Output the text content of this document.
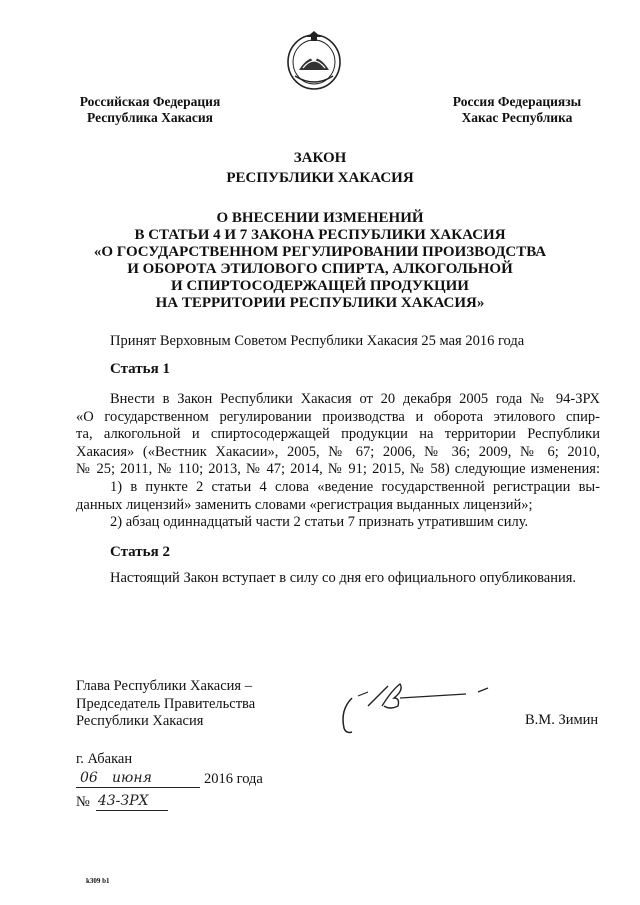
Российская Федерация
Республика Хакасия
Россия Федерациязы
Хакас Республика
ЗАКОН
РЕСПУБЛИКИ ХАКАСИЯ
О ВНЕСЕНИИ ИЗМЕНЕНИЙ
В СТАТЬИ 4 И 7 ЗАКОНА РЕСПУБЛИКИ ХАКАСИЯ
«О ГОСУДАРСТВЕННОМ РЕГУЛИРОВАНИИ ПРОИЗВОДСТВА
И ОБОРОТА ЭТИЛОВОГО СПИРТА, АЛКОГОЛЬНОЙ
И СПИРТОСОДЕРЖАЩЕЙ ПРОДУКЦИИ
НА ТЕРРИТОРИИ РЕСПУБЛИКИ ХАКАСИЯ»
Принят Верховным Советом Республики Хакасия 25 мая 2016 года
Статья 1
Внести в Закон Республики Хакасия от 20 декабря 2005 года № 94-ЗРХ
«О государственном регулировании производства и оборота этилового спир-
та, алкогольной и спиртосодержащей продукции на территории Республики
Хакасия» («Вестник Хакасии», 2005, № 67; 2006, № 36; 2009, № 6; 2010,
№ 25; 2011, № 110; 2013, № 47; 2014, № 91; 2015, № 58) следующие изменения:
1) в пункте 2 статьи 4 слова «ведение государственной регистрации вы-
данных лицензий» заменить словами «регистрация выданных лицензий»;
2) абзац одиннадцатый части 2 статьи 7 признать утратившим силу.
Статья 2
Настоящий Закон вступает в силу со дня его официального опубликования.
Глава Республики Хакасия –
Председатель Правительства
Республики Хакасия	В.М. Зимин
г. Абакан
06 июня	2016 года
№ 43-ЗРХ
k309 b1
